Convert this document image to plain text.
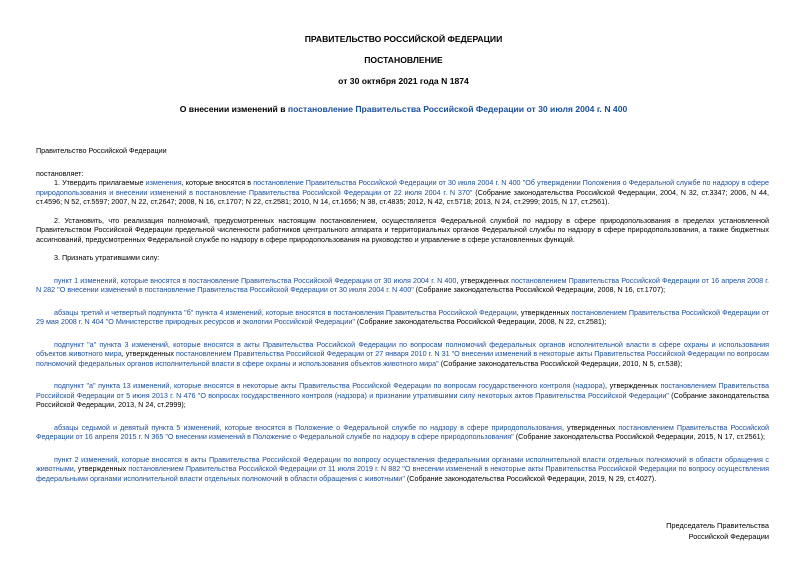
ПРАВИТЕЛЬСТВО РОССИЙСКОЙ ФЕДЕРАЦИИ
ПОСТАНОВЛЕНИЕ
от 30 октября 2021 года N 1874
О внесении изменений в постановление Правительства Российской Федерации от 30 июля 2004 г. N 400

Правительство Российской Федерации

постановляет:

1. Утвердить прилагаемые изменения, которые вносятся в постановление Правительства Российской Федерации от 30 июля 2004 г. N 400 "Об утверждении Положения о Федеральной службе по надзору в сфере природопользования и внесении изменений в постановление Правительства Российской Федерации от 22 июля 2004 г. N 370" (Собрание законодательства Российской Федерации, 2004, N 32, ст.3347; 2006, N 44, ст.4596; N 52, ст.5597; 2007, N 22, ст.2647; 2008, N 16, ст.1707; N 22, ст.2581; 2010, N 14, ст.1656; N 38, ст.4835; 2012, N 42, ст.5718; 2013, N 24, ст.2999; 2015, N 17, ст.2561).

2. Установить, что реализация полномочий, предусмотренных настоящим постановлением, осуществляется Федеральной службой по надзору в сфере природопользования в пределах установленной Правительством Российской Федерации предельной численности работников центрального аппарата и территориальных органов Федеральной службы по надзору в сфере природопользования, а также бюджетных ассигнований, предусмотренных Федеральной службе по надзору в сфере природопользования на руководство и управление в сфере установленных функций.

3. Признать утратившими силу:

пункт 1 изменений, которые вносятся в постановление Правительства Российской Федерации от 30 июля 2004 г. N 400, утвержденных постановлением Правительства Российской Федерации от 16 апреля 2008 г. N 282 "О внесении изменений в постановление Правительства Российской Федерации от 30 июля 2004 г. N 400" (Собрание законодательства Российской Федерации, 2008, N 16, ст.1707);

абзацы третий и четвертый подпункта "б" пункта 4 изменений, которые вносятся в постановления Правительства Российской Федерации, утвержденных постановлением Правительства Российской Федерации от 29 мая 2008 г. N 404 "О Министерстве природных ресурсов и экологии Российской Федерации" (Собрание законодательства Российской Федерации, 2008, N 22, ст.2581);

подпункт "а" пункта 3 изменений, которые вносятся в акты Правительства Российской Федерации по вопросам полномочий федеральных органов исполнительной власти в сфере охраны и использования объектов животного мира, утвержденных постановлением Правительства Российской Федерации от 27 января 2010 г. N 31 "О внесении изменений в некоторые акты Правительства Российской Федерации по вопросам полномочий федеральных органов исполнительной власти в сфере охраны и использования объектов животного мира" (Собрание законодательства Российской Федерации, 2010, N 5, ст.538);

подпункт "а" пункта 13 изменений, которые вносятся в некоторые акты Правительства Российской Федерации по вопросам государственного контроля (надзора), утвержденных постановлением Правительства Российской Федерации от 5 июня 2013 г. N 476 "О вопросах государственного контроля (надзора) и признании утратившими силу некоторых актов Правительства Российской Федерации" (Собрание законодательства Российской Федерации, 2013, N 24, ст.2999);

абзацы седьмой и девятый пункта 5 изменений, которые вносятся в Положение о Федеральной службе по надзору в сфере природопользования, утвержденных постановлением Правительства Российской Федерации от 16 апреля 2015 г. N 365 "О внесении изменений в Положение о Федеральной службе по надзору в сфере природопользования" (Собрание законодательства Российской Федерации, 2015, N 17, ст.2561);

пункт 2 изменений, которые вносятся в акты Правительства Российской Федерации по вопросу осуществления федеральными органами исполнительной власти отдельных полномочий в области обращения с животными, утвержденных постановлением Правительства Российской Федерации от 11 июля 2019 г. N 882 "О внесении изменений в некоторые акты Правительства Российской Федерации по вопросу осуществления федеральными органами исполнительной власти отдельных полномочий в области обращения с животными" (Собрание законодательства Российской Федерации, 2019, N 29, ст.4027).

Председатель Правительства
Российской Федерации
